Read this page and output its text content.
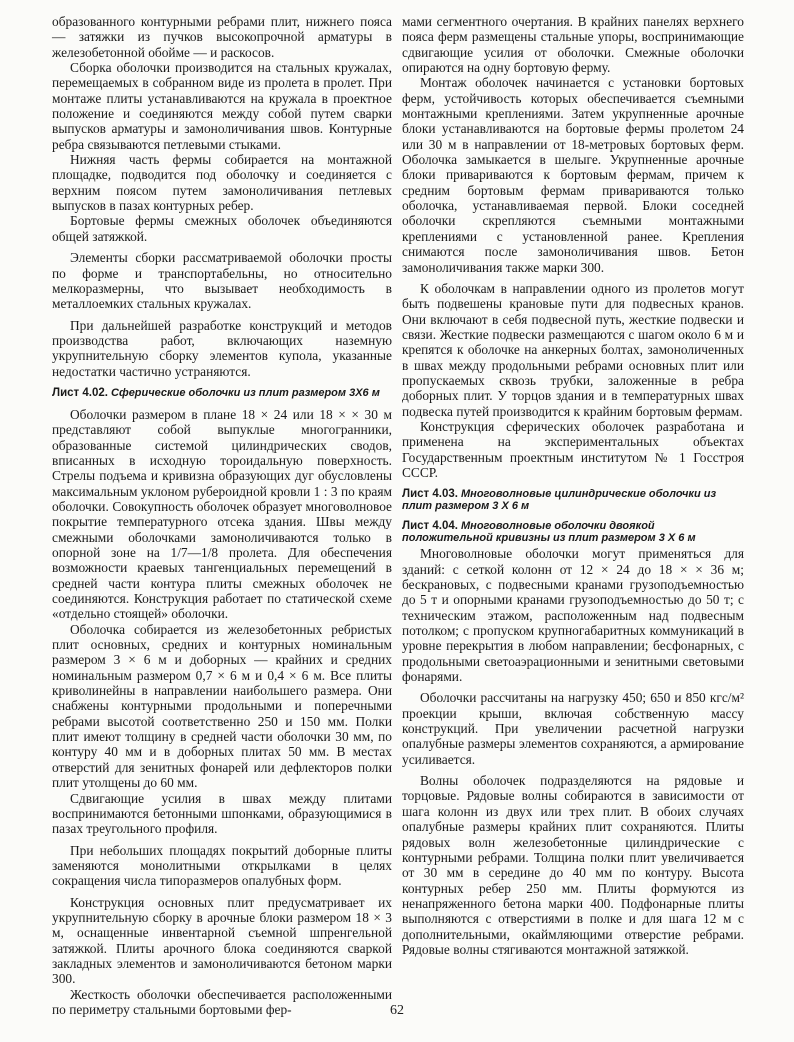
образованного контурными ребрами плит, нижнего пояса — затяжки из пучков высокопрочной арматуры в железобетонной обойме — и раскосов.

Сборка оболочки производится на стальных кружалах, перемещаемых в собранном виде из пролета в пролет. При монтаже плиты устанавливаются на кружала в проектное положение и соединяются между собой путем сварки выпусков арматуры и замоноличивания швов. Контурные ребра связываются петлевыми стыками.

Нижняя часть фермы собирается на монтажной площадке, подводится под оболочку и соединяется с верхним поясом путем замоноличивания петлевых выпусков в пазах контурных ребер.

Бортовые фермы смежных оболочек объединяются общей затяжкой.

Элементы сборки рассматриваемой оболочки просты по форме и транспортабельны, но относительно мелкоразмерны, что вызывает необходимость в металлоемких стальных кружалах.

При дальнейшей разработке конструкций и методов производства работ, включающих наземную укрупнительную сборку элементов купола, указанные недостатки частично устраняются.

Лист 4.02. Сферические оболочки из плит размером 3Х6 м

Оболочки размером в плане 18 × 24 или 18 × × 30 м представляют собой выпуклые многогранники, образованные системой цилиндрических сводов, вписанных в исходную тороидальную поверхность. Стрелы подъема и кривизна образующих дуг обусловлены максимальным уклоном рубероидной кровли 1 : 3 по краям оболочки. Совокупность оболочек образует многоволновое покрытие температурного отсека здания. Швы между смежными оболочками замоноличиваются только в опорной зоне на 1/7—1/8 пролета. Для обеспечения возможности краевых тангенциальных перемещений в средней части контура плиты смежных оболочек не соединяются. Конструкция работает по статической схеме «отдельно стоящей» оболочки.

Оболочка собирается из железобетонных ребристых плит основных, средних и контурных номинальным размером 3 × 6 м и доборных — крайних и средних номинальным размером 0,7 × 6 м и 0,4 × 6 м. Все плиты криволинейны в направлении наибольшего размера. Они снабжены контурными продольными и поперечными ребрами высотой соответственно 250 и 150 мм. Полки плит имеют толщину в средней части оболочки 30 мм, по контуру 40 мм и в доборных плитах 50 мм. В местах отверстий для зенитных фонарей или дефлекторов полки плит утолщены до 60 мм.

Сдвигающие усилия в швах между плитами воспринимаются бетонными шпонками, образующимися в пазах треугольного профиля.

При небольших площадях покрытий доборные плиты заменяются монолитными открылками в целях сокращения числа типоразмеров опалубных форм.

Конструкция основных плит предусматривает их укрупнительную сборку в арочные блоки размером 18 × 3 м, оснащенные инвентарной съемной шпренгельной затяжкой. Плиты арочного блока соединяются сваркой закладных элементов и замоноличиваются бетоном марки 300.

Жесткость оболочки обеспечивается расположенными по периметру стальными бортовыми фер-

мами сегментного очертания. В крайних панелях верхнего пояса ферм размещены стальные упоры, воспринимающие сдвигающие усилия от оболочки. Смежные оболочки опираются на одну бортовую ферму.

Монтаж оболочек начинается с установки бортовых ферм, устойчивость которых обеспечивается съемными монтажными креплениями. Затем укрупненные арочные блоки устанавливаются на бортовые фермы пролетом 24 или 30 м в направлении от 18-метровых бортовых ферм. Оболочка замыкается в шелыге. Укрупненные арочные блоки привариваются к бортовым фермам, причем к средним бортовым фермам привариваются только оболочка, устанавливаемая первой. Блоки соседней оболочки скрепляются съемными монтажными креплениями с установленной ранее. Крепления снимаются после замоноличивания швов. Бетон замоноличивания также марки 300.

К оболочкам в направлении одного из пролетов могут быть подвешены крановые пути для подвесных кранов. Они включают в себя подвесной путь, жесткие подвески и связи. Жесткие подвески размещаются с шагом около 6 м и крепятся к оболочке на анкерных болтах, замоноличенных в швах между продольными ребрами основных плит или пропускаемых сквозь трубки, заложенные в ребра доборных плит. У торцов здания и в температурных швах подвеска путей производится к крайним бортовым фермам.

Конструкция сферических оболочек разработана и применена на экспериментальных объектах Государственным проектным институтом № 1 Госстроя СССР.

Лист 4.03. Многоволновые цилиндрические оболочки из плит размером 3 Х 6 м
Лист 4.04. Многоволновые оболочки двоякой положительной кривизны из плит размером 3 Х 6 м

Многоволновые оболочки могут применяться для зданий: с сеткой колонн от 12 × 24 до 18 × × 36 м; бескрановых, с подвесными кранами грузоподъемностью до 5 т и опорными кранами грузоподъемностью до 50 т; с техническим этажом, расположенным над подвесным потолком; с пропуском крупногабаритных коммуникаций в уровне перекрытия в любом направлении; бесфонарных, с продольными светоаэрационными и зенитными световыми фонарями.

Оболочки рассчитаны на нагрузку 450; 650 и 850 кгс/м² проекции крыши, включая собственную массу конструкций. При увеличении расчетной нагрузки опалубные размеры элементов сохраняются, а армирование усиливается.

Волны оболочек подразделяются на рядовые и торцовые. Рядовые волны собираются в зависимости от шага колонн из двух или трех плит. В обоих случаях опалубные размеры крайних плит сохраняются. Плиты рядовых волн железобетонные цилиндрические с контурными ребрами. Толщина полки плит увеличивается от 30 мм в середине до 40 мм по контуру. Высота контурных ребер 250 мм. Плиты формуются из ненапряженного бетона марки 400. Подфонарные плиты выполняются с отверстиями в полке и для шага 12 м с дополнительными, окаймляющими отверстие ребрами. Рядовые волны стягиваются монтажной затяжкой.

62
